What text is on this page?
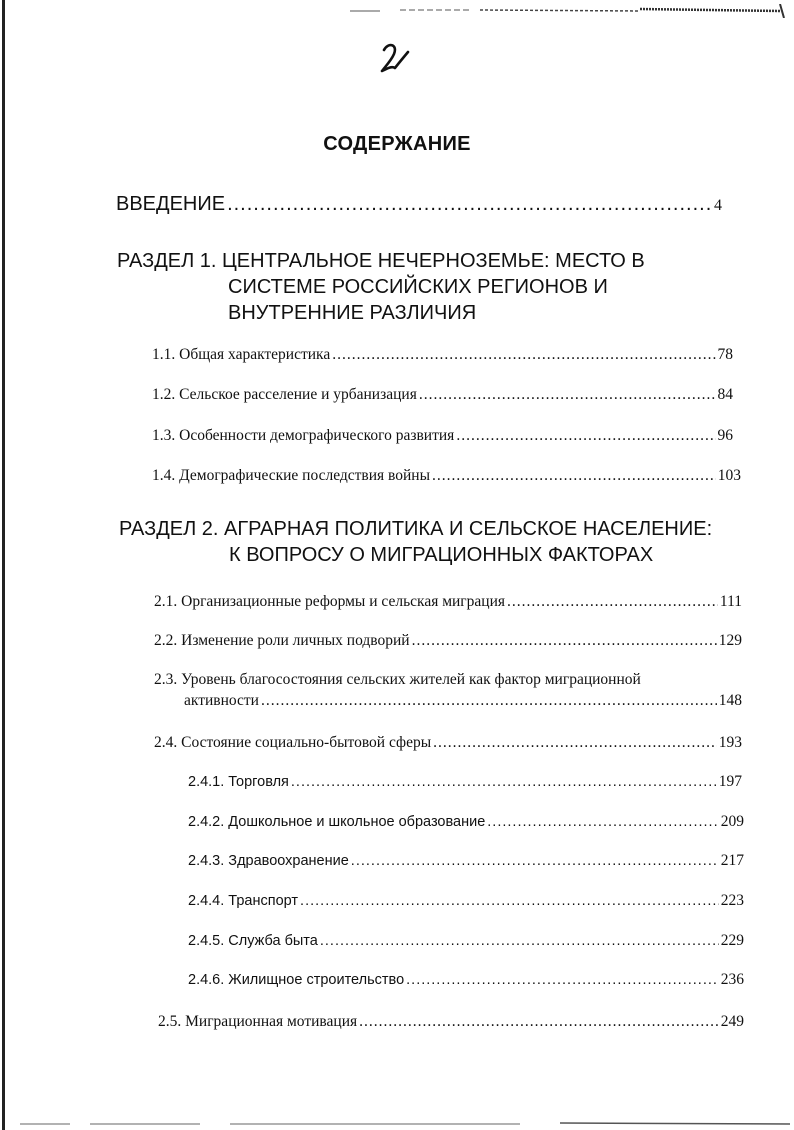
СОДЕРЖАНИЕ
ВВЕДЕНИЕ .....	4
РАЗДЕЛ 1. ЦЕНТРАЛЬНОЕ НЕЧЕРНОЗЕМЬЕ: МЕСТО В
СИСТЕМЕ РОССИЙСКИХ РЕГИОНОВ И
ВНУТРЕННИЕ РАЗЛИЧИЯ
1.1. Общая характеристика .....	78
1.2. Сельское расселение и урбанизация .....	84
1.3. Особенности демографического развития .....	96
1.4. Демографические последствия войны .....	103
РАЗДЕЛ 2. АГРАРНАЯ ПОЛИТИКА И СЕЛЬСКОЕ НАСЕЛЕНИЕ:
К ВОПРОСУ О МИГРАЦИОННЫХ ФАКТОРАХ
2.1. Организационные реформы и сельская миграция .....	111
2.2. Изменение роли личных подворий .....	129
2.3. Уровень благосостояния сельских жителей как фактор миграционной
активности .....	148
2.4. Состояние социально-бытовой сферы .....	193
2.4.1. Торговля .....	197
2.4.2. Дошкольное и школьное образование .....	209
2.4.3. Здравоохранение .....	217
2.4.4. Транспорт .....	223
2.4.5. Служба быта .....	229
2.4.6. Жилищное строительство .....	236
2.5. Миграционная мотивация .....	249
